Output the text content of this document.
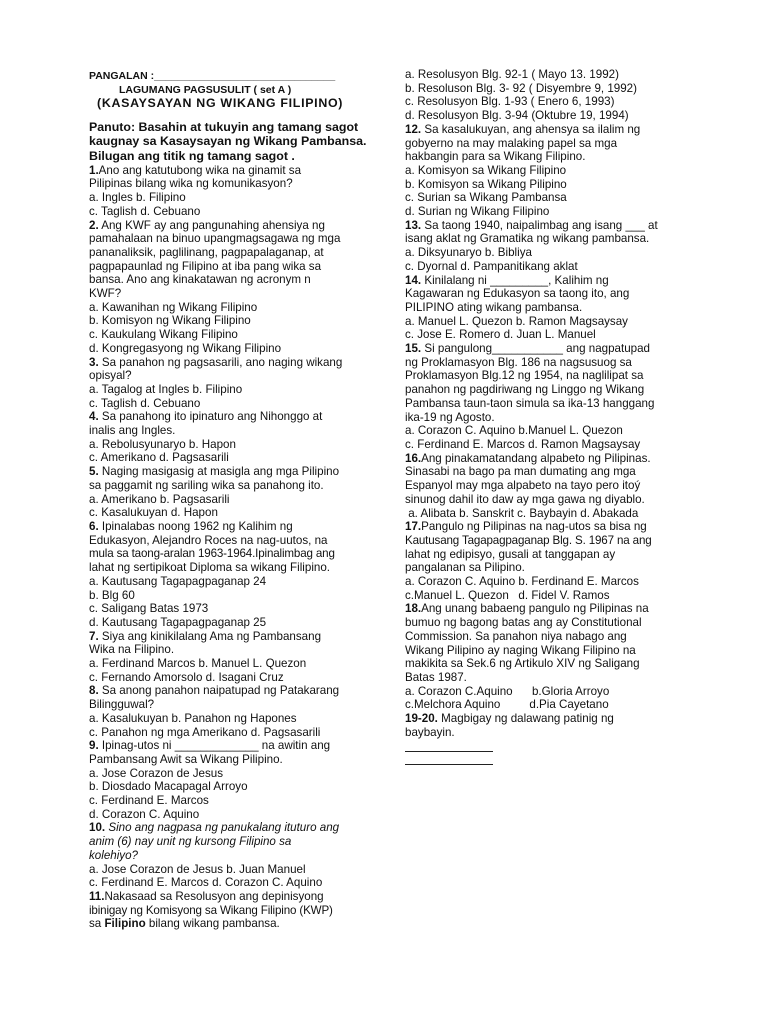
PANGALAN :_______________________________
LAGUMANG PAGSUSULIT ( set A )
(KASAYSAYAN NG WIKANG FILIPINO)
Panuto: Basahin at tukuyin ang tamang sagot
kaugnay sa Kasaysayan ng Wikang Pambansa.
Bilugan ang titik ng tamang sagot .
1.Ano ang katutubong wika na ginamit sa
Pilipinas bilang wika ng komunikasyon?
a. Ingles b. Filipino
c. Taglish d. Cebuano
2. Ang KWF ay ang pangunahing ahensiya ng
pamahalaan na binuo upangmagsagawa ng mga
pananaliksik, paglilinang, pagpapalaganap, at
pagpapaunlad ng Filipino at iba pang wika sa
bansa. Ano ang kinakatawan ng acronym n
KWF?
a. Kawanihan ng Wikang Filipino
b. Komisyon ng Wikang Filipino
c. Kaukulang Wikang Filipino
d. Kongregasyong ng Wikang Filipino
3. Sa panahon ng pagsasarili, ano naging wikang
opisyal?
a. Tagalog at Ingles b. Filipino
c. Taglish d. Cebuano
4. Sa panahong ito ipinaturo ang Nihonggo at
inalis ang Ingles.
a. Rebolusyunaryo b. Hapon
c. Amerikano d. Pagsasarili
5. Naging masigasig at masigla ang mga Pilipino
sa paggamit ng sariling wika sa panahong ito.
a. Amerikano b. Pagsasarili
c. Kasalukuyan d. Hapon
6. Ipinalabas noong 1962 ng Kalihim ng
Edukasyon, Alejandro Roces na nag-uutos, na
mula sa taong-aralan 1963-1964.Ipinalimbag ang
lahat ng sertipikoat Diploma sa wikang Filipino.
a. Kautusang Tagapagpaganap 24
b. Blg 60
c. Saligang Batas 1973
d. Kautusang Tagapagpaganap 25
7. Siya ang kinikilalang Ama ng Pambansang
Wika na Filipino.
a. Ferdinand Marcos b. Manuel L. Quezon
c. Fernando Amorsolo d. Isagani Cruz
8. Sa anong panahon naipatupad ng Patakarang
Bilingguwal?
a. Kasalukuyan b. Panahon ng Hapones
c. Panahon ng mga Amerikano d. Pagsasarili
9. Ipinag-utos ni _____________ na awitin ang
Pambansang Awit sa Wikang Pilipino.
a. Jose Corazon de Jesus
b. Diosdado Macapagal Arroyo
c. Ferdinand E. Marcos
d. Corazon C. Aquino
10. Sino ang nagpasa ng panukalang ituturo ang
anim (6) nay unit ng kursong Filipino sa
kolehiyo?
a. Jose Corazon de Jesus b. Juan Manuel
c. Ferdinand E. Marcos d. Corazon C. Aquino
11.Nakasaad sa Resolusyon ang depinisyong
ibinigay ng Komisyong sa Wikang Filipino (KWP)
sa Filipino bilang wikang pambansa.
a. Resolusyon Blg. 92-1 ( Mayo 13. 1992)
b. Resoluson Blg. 3- 92 ( Disyembre 9, 1992)
c. Resolusyon Blg. 1-93 ( Enero 6, 1993)
d. Resolusyon Blg. 3-94 (Oktubre 19, 1994)
12. Sa kasalukuyan, ang ahensya sa ilalim ng
gobyerno na may malaking papel sa mga
hakbangin para sa Wikang Filipino.
a. Komisyon sa Wikang Filipino
b. Komisyon sa Wikang Pilipino
c. Surian sa Wikang Pambansa
d. Surian ng Wikang Filipino
13. Sa taong 1940, naipalimbag ang isang ___ at
isang aklat ng Gramatika ng wikang pambansa.
a. Diksyunaryo b. Bibliya
c. Dyornal d. Pampanitikang aklat
14. Kinilalang ni _________, Kalihim ng
Kagawaran ng Edukasyon sa taong ito, ang
PILIPINO ating wikang pambansa.
a. Manuel L. Quezon b. Ramon Magsaysay
c. Jose E. Romero d. Juan L. Manuel
15. Si pangulong___________ ang nagpatupad
ng Proklamasyon Blg. 186 na nagsusuog sa
Proklamasyon Blg.12 ng 1954, na naglilipat sa
panahon ng pagdiriwang ng Linggo ng Wikang
Pambansa taun-taon simula sa ika-13 hanggang
ika-19 ng Agosto.
a. Corazon C. Aquino b.Manuel L. Quezon
c. Ferdinand E. Marcos d. Ramon Magsaysay
16.Ang pinakamatandang alpabeto ng Pilipinas.
Sinasabi na bago pa man dumating ang mga
Espanyol may mga alpabeto na tayo pero itoý
sinunog dahil ito daw ay mga gawa ng diyablo.
a. Alibata b. Sanskrit c. Baybayin d. Abakada
17.Pangulo ng Pilipinas na nag-utos sa bisa ng
Kautusang Tagapagpaganap Blg. S. 1967 na ang
lahat ng edipisyo, gusali at tanggapan ay
pangalanan sa Pilipino.
a. Corazon C. Aquino b. Ferdinand E. Marcos
c.Manuel L. Quezon   d. Fidel V. Ramos
18.Ang unang babaeng pangulo ng Pilipinas na
bumuo ng bagong batas ang ay Constitutional
Commission. Sa panahon niya nabago ang
Wikang Pilipino ay naging Wikang Filipino na
makikita sa Sek.6 ng Artikulo XIV ng Saligang
Batas 1987.
a. Corazon C.Aquino      b.Gloria Arroyo
c.Melchora Aquino         d.Pia Cayetano
19-20. Magbigay ng dalawang patinig ng
baybayin.
